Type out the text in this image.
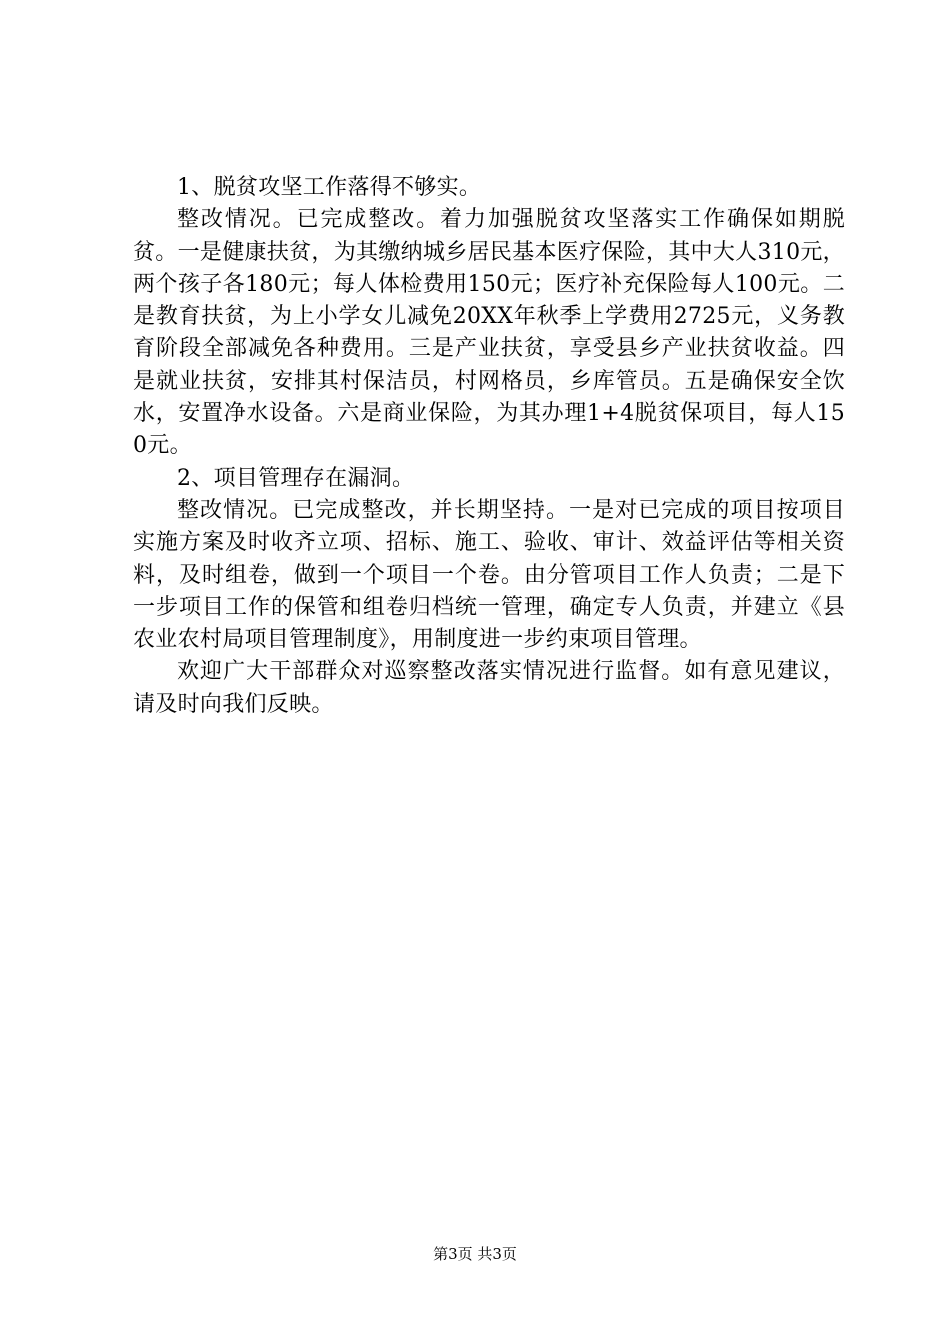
1、脱贫攻坚工作落得不够实。

整改情况。已完成整改。着力加强脱贫攻坚落实工作确保如期脱贫。一是健康扶贫，为其缴纳城乡居民基本医疗保险，其中大人310元，两个孩子各180元；每人体检费用150元；医疗补充保险每人100元。二是教育扶贫，为上小学女儿减免20XX年秋季上学费用2725元，义务教育阶段全部减免各种费用。三是产业扶贫，享受县乡产业扶贫收益。四是就业扶贫，安排其村保洁员，村网格员，乡库管员。五是确保安全饮水，安置净水设备。六是商业保险，为其办理1+4脱贫保项目，每人150元。

2、项目管理存在漏洞。

整改情况。已完成整改，并长期坚持。一是对已完成的项目按项目实施方案及时收齐立项、招标、施工、验收、审计、效益评估等相关资料，及时组卷，做到一个项目一个卷。由分管项目工作人负责；二是下一步项目工作的保管和组卷归档统一管理，确定专人负责，并建立《县农业农村局项目管理制度》，用制度进一步约束项目管理。

欢迎广大干部群众对巡察整改落实情况进行监督。如有意见建议，请及时向我们反映。

第3页 共3页
